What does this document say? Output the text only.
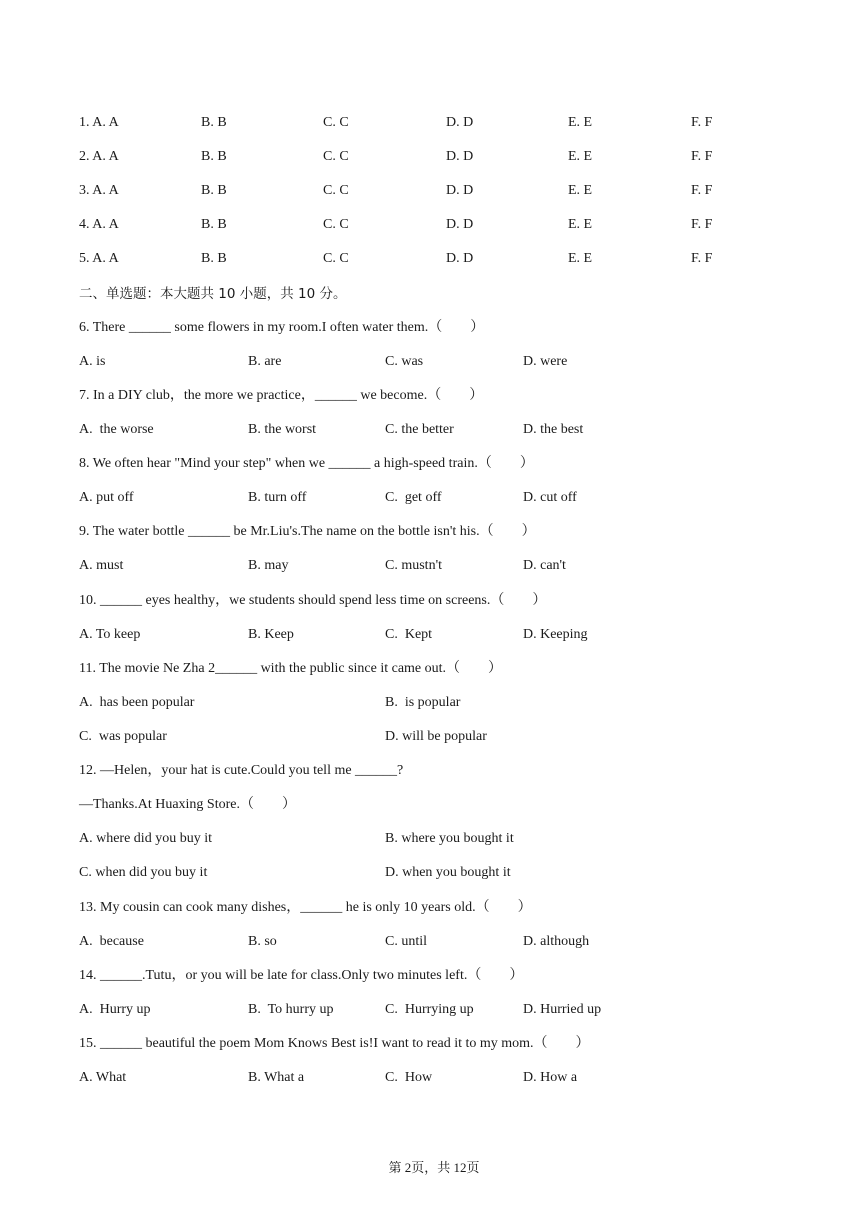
1. A. A	B. B	C. C	D. D	E. E	F. F
2. A. A	B. B	C. C	D. D	E. E	F. F
3. A. A	B. B	C. C	D. D	E. E	F. F
4. A. A	B. B	C. C	D. D	E. E	F. F
5. A. A	B. B	C. C	D. D	E. E	F. F
二、单选题：本大题共 10 小题，共 10 分。
6. There ______ some flowers in my room.I often water them.（　　）
A. is	B. are	C. was	D. were
7. In a DIY club，the more we practice，______ we become.（　　）
A.  the worse	B. the worst	C. the better	D. the best
8. We often hear "Mind your step" when we ______ a high-speed train.（　　）
A. put off	B. turn off	C.  get off	D. cut off
9. The water bottle ______ be Mr.Liu's.The name on the bottle isn't his.（　　）
A. must	B. may	C. mustn't	D. can't
10. ______ eyes healthy，we students should spend less time on screens.（　　）
A. To keep	B. Keep	C.  Kept	D. Keeping
11. The movie Ne Zha 2______ with the public since it came out.（　　）
A.  has been popular	B.  is popular
C.  was popular	D. will be popular
12. —Helen，your hat is cute.Could you tell me ______?
—Thanks.At Huaxing Store.（　　）
A. where did you buy it	B. where you bought it
C. when did you buy it	D. when you bought it
13. My cousin can cook many dishes，______ he is only 10 years old.（　　）
A.  because	B. so	C. until	D. although
14. ______.Tutu，or you will be late for class.Only two minutes left.（　　）
A.  Hurry up	B.  To hurry up	C.  Hurrying up	D. Hurried up
15. ______ beautiful the poem Mom Knows Best is!I want to read it to my mom.（　　）
A. What	B. What a	C.  How	D. How a
第 2页，共 12页
